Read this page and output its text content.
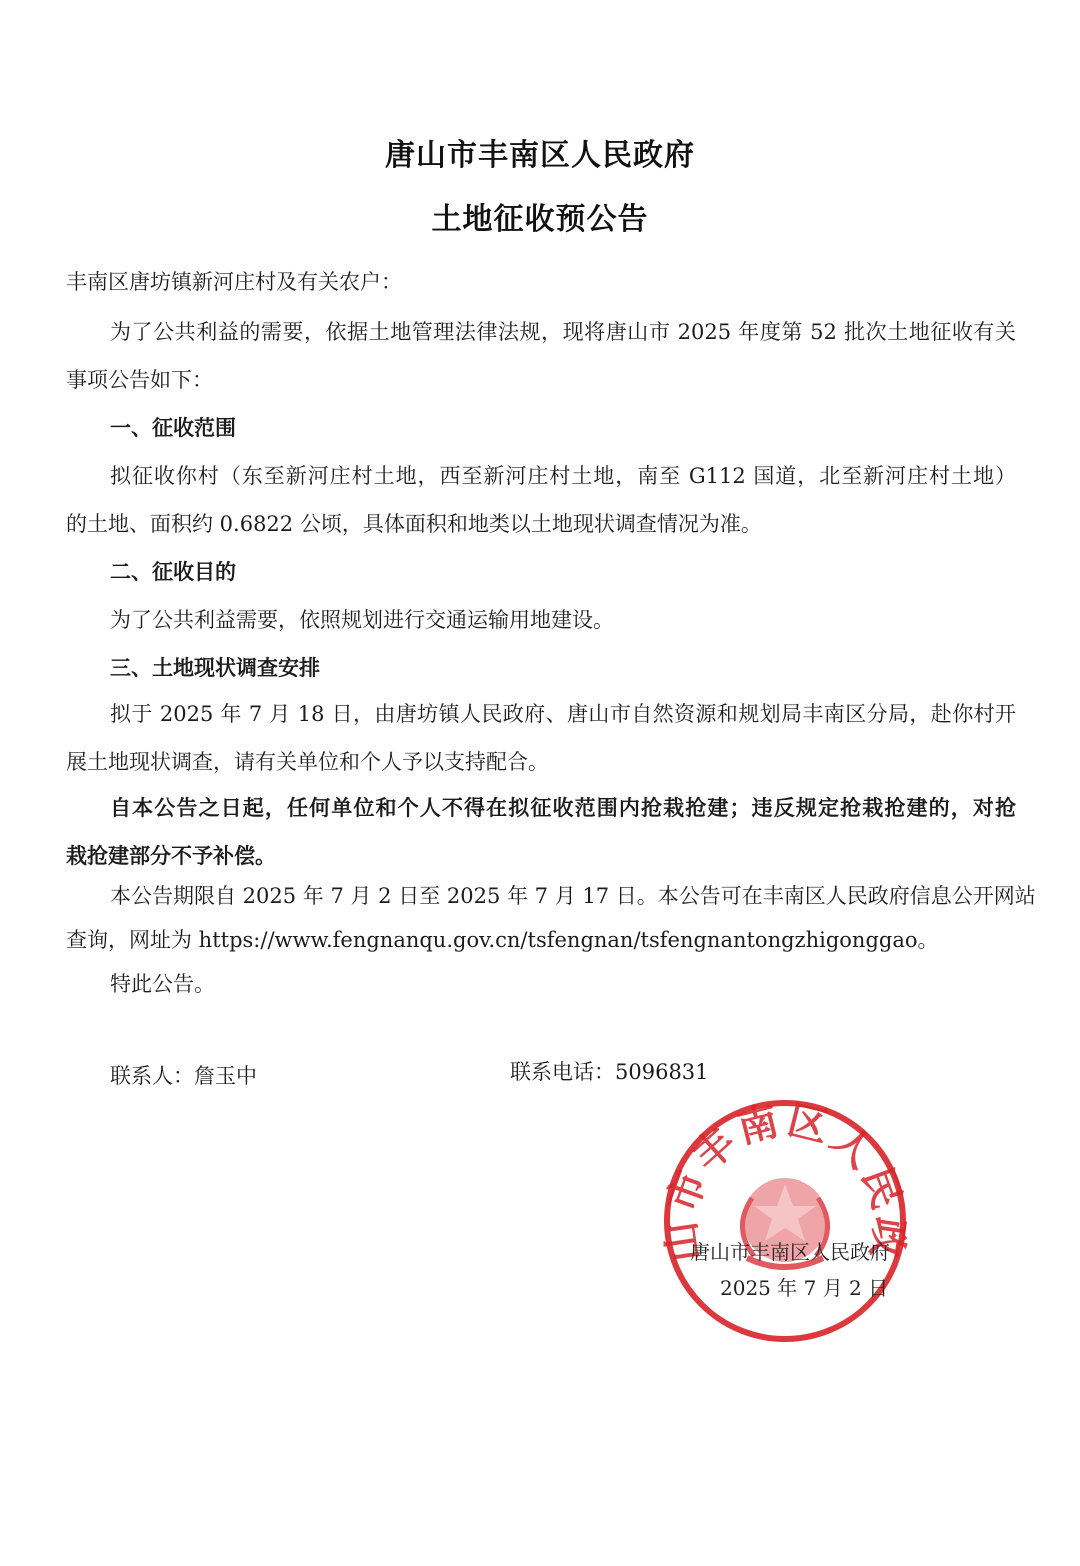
唐山市丰南区人民政府
土地征收预公告
丰南区唐坊镇新河庄村及有关农户：
为了公共利益的需要，依据土地管理法律法规，现将唐山市 2025 年度第 52 批次土地征收有关
事项公告如下：
一、征收范围
拟征收你村（东至新河庄村土地，西至新河庄村土地，南至 G112 国道，北至新河庄村土地）
的土地、面积约 0.6822 公顷，具体面积和地类以土地现状调查情况为准。
二、征收目的
为了公共利益需要，依照规划进行交通运输用地建设。
三、土地现状调查安排
拟于 2025 年 7 月 18 日，由唐坊镇人民政府、唐山市自然资源和规划局丰南区分局，赴你村开
展土地现状调查，请有关单位和个人予以支持配合。
自本公告之日起，任何单位和个人不得在拟征收范围内抢栽抢建；违反规定抢栽抢建的，对抢
栽抢建部分不予补偿。
本公告期限自 2025 年 7 月 2 日至 2025 年 7 月 17 日。本公告可在丰南区人民政府信息公开网站
查询，网址为 https://www.fengnanqu.gov.cn/tsfengnan/tsfengnantongzhigonggao。
特此公告。
联系人：詹玉中	联系电话：5096831
市丰南区人民
唐山市丰南区人民政府
2025 年 7 月 2 日
